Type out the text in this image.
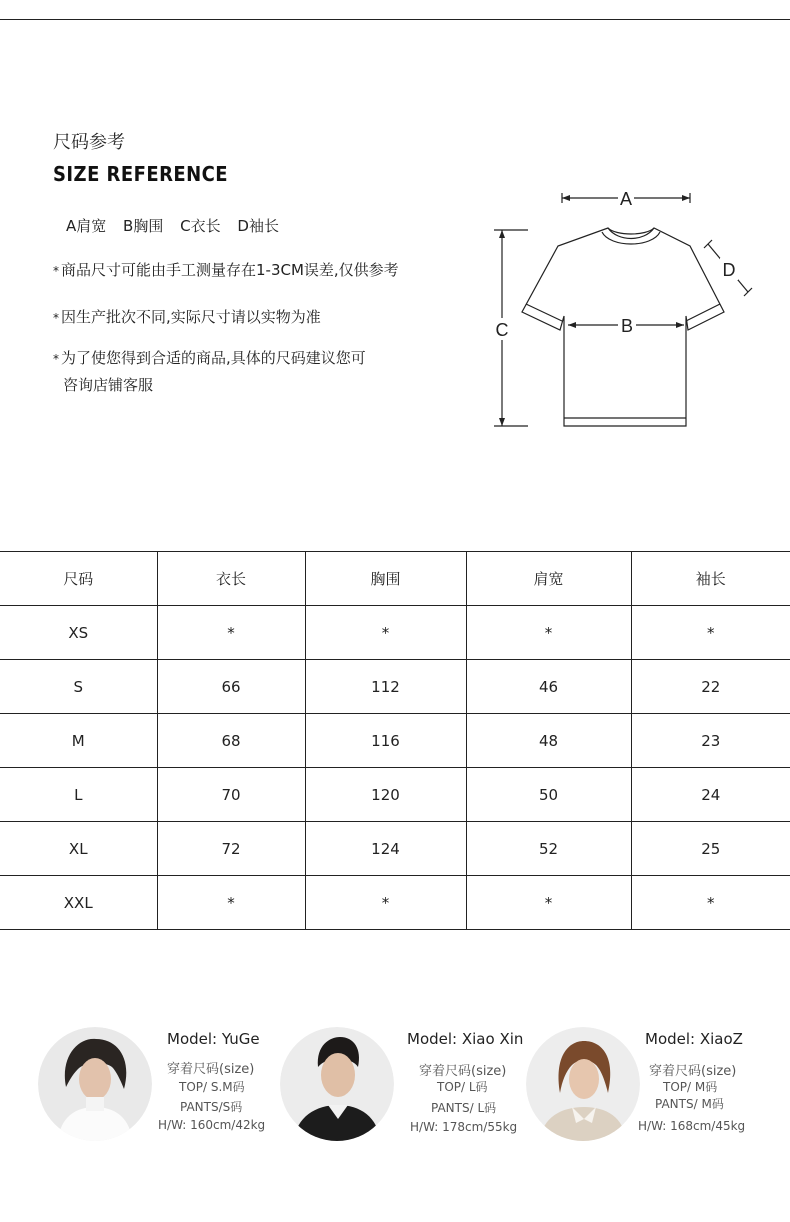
尺码参考
SIZE REFERENCE
A肩宽 B胸围 C衣长 D袖长
* 商品尺寸可能由手工测量存在1-3CM误差,仅供参考
* 因生产批次不同,实际尺寸请以实物为准
* 为了使您得到合适的商品,具体的尺码建议您可
咨询店铺客服
A
B
C
D
尺码	衣长	胸围	肩宽	袖长
XS	*	*	*	*
S	66	112	46	22
M	68	116	48	23
L	70	120	50	24
XL	72	124	52	25
XXL	*	*	*	*
Model: YuGe
穿着尺码(size)
TOP/ S.M码
PANTS/S码
H/W: 160cm/42kg
Model: Xiao Xin
穿着尺码(size)
TOP/ L码
PANTS/ L码
H/W: 178cm/55kg
Model: XiaoZ
穿着尺码(size)
TOP/ M码
PANTS/ M码
H/W: 168cm/45kg
